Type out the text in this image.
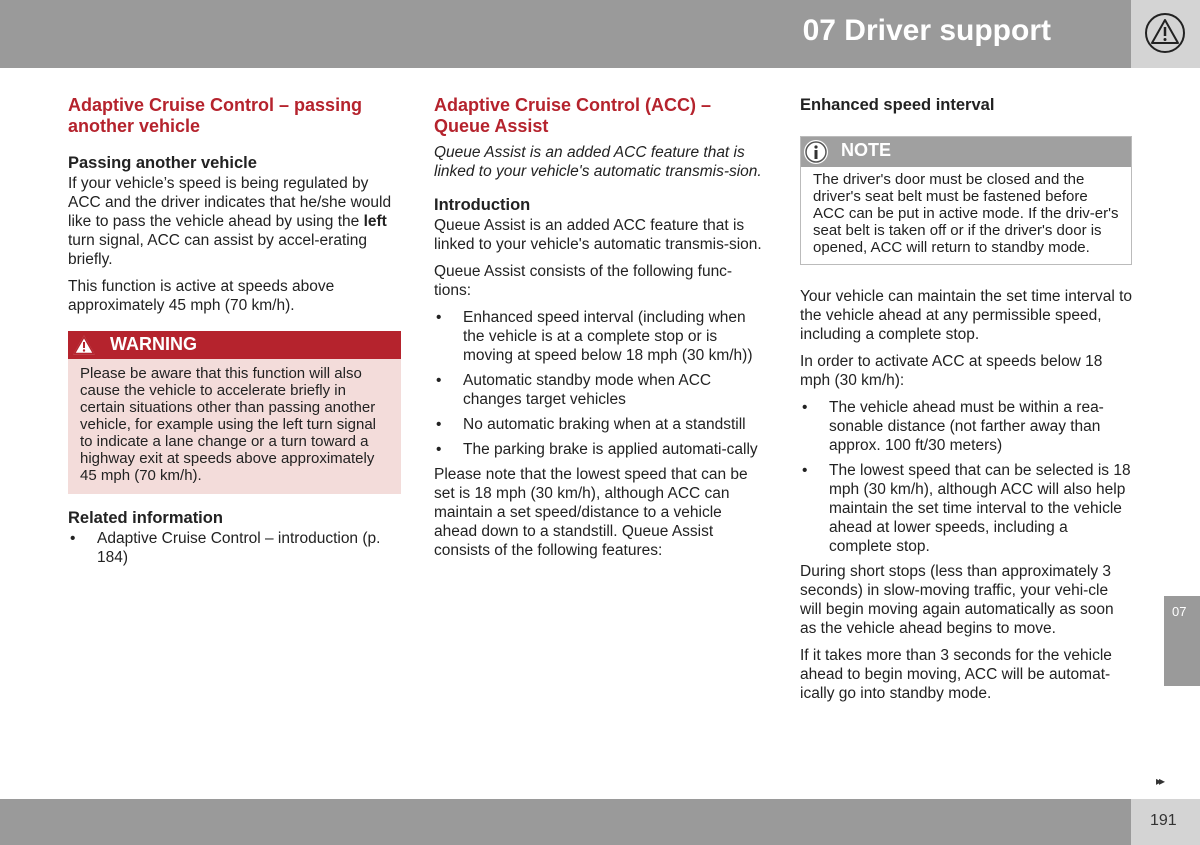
07 Driver support
Adaptive Cruise Control – passing another vehicle
Passing another vehicle

If your vehicle’s speed is being regulated by ACC and the driver indicates that he/she would like to pass the vehicle ahead by using the left turn signal, ACC can assist by accel-erating briefly.

This function is active at speeds above approximately 45 mph (70 km/h).

WARNING
Please be aware that this function will also cause the vehicle to accelerate briefly in certain situations other than passing another vehicle, for example using the left turn signal to indicate a lane change or a turn toward a highway exit at speeds above approximately 45 mph (70 km/h).
Related information
• Adaptive Cruise Control – introduction (p. 184)
Adaptive Cruise Control (ACC) – Queue Assist

Queue Assist is an added ACC feature that is linked to your vehicle's automatic transmis-sion.

Introduction

Queue Assist is an added ACC feature that is linked to your vehicle's automatic transmis-sion.

Queue Assist consists of the following func-tions:

• Enhanced speed interval (including when the vehicle is at a complete stop or is moving at speed below 18 mph (30 km/h))
• Automatic standby mode when ACC changes target vehicles
• No automatic braking when at a standstill
• The parking brake is applied automati-cally

Please note that the lowest speed that can be set is 18 mph (30 km/h), although ACC can maintain a set speed/distance to a vehicle ahead down to a standstill. Queue Assist consists of the following features:

Enhanced speed interval
NOTE
The driver's door must be closed and the driver's seat belt must be fastened before ACC can be put in active mode. If the driv-er's seat belt is taken off or if the driver's door is opened, ACC will return to standby mode.

Your vehicle can maintain the set time interval to the vehicle ahead at any permissible speed, including a complete stop.

In order to activate ACC at speeds below 18 mph (30 km/h):

• The vehicle ahead must be within a rea-sonable distance (not farther away than approx. 100 ft/30 meters)
• The lowest speed that can be selected is 18 mph (30 km/h), although ACC will also help maintain the set time interval to the vehicle ahead at lower speeds, including a complete stop.

During short stops (less than approximately 3 seconds) in slow-moving traffic, your vehi-cle will begin moving again automatically as soon as the vehicle ahead begins to move.

If it takes more than 3 seconds for the vehicle ahead to begin moving, ACC will be automat-ically go into standby mode.

07
▸▸
191
